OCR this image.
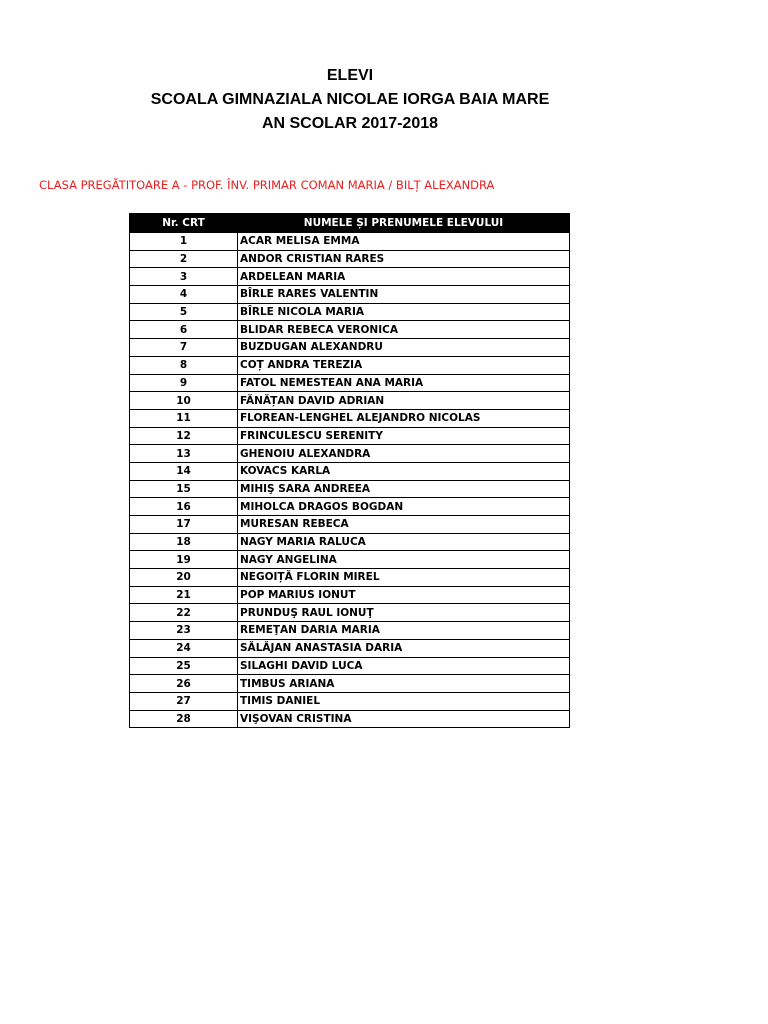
ELEVI
SCOALA GIMNAZIALA NICOLAE IORGA BAIA MARE
AN SCOLAR 2017-2018
CLASA PREGĂTITOARE A - PROF. ÎNV. PRIMAR COMAN MARIA / BILȚ ALEXANDRA
Nr. CRT	NUMELE ȘI PRENUMELE ELEVULUI
1	ACAR MELISA EMMA
2	ANDOR CRISTIAN RARES
3	ARDELEAN MARIA
4	BÎRLE RARES VALENTIN
5	BÎRLE NICOLA MARIA
6	BLIDAR REBECA VERONICA
7	BUZDUGAN ALEXANDRU
8	COȚ ANDRA TEREZIA
9	FATOL NEMESTEAN ANA MARIA
10	FĂNĂȚAN DAVID ADRIAN
11	FLOREAN-LENGHEL ALEJANDRO NICOLAS
12	FRINCULESCU SERENITY
13	GHENOIU ALEXANDRA
14	KOVACS KARLA
15	MIHIŞ SARA ANDREEA
16	MIHOLCA DRAGOS BOGDAN
17	MURESAN REBECA
18	NAGY MARIA RALUCA
19	NAGY ANGELINA
20	NEGOIȚĂ FLORIN MIREL
21	POP MARIUS IONUT
22	PRUNDUŞ RAUL IONUŢ
23	REMEŢAN DARIA MARIA
24	SĂLĂJAN ANASTASIA DARIA
25	SILAGHI DAVID LUCA
26	TIMBUS ARIANA
27	TIMIS DANIEL
28	VIŞOVAN CRISTINA
